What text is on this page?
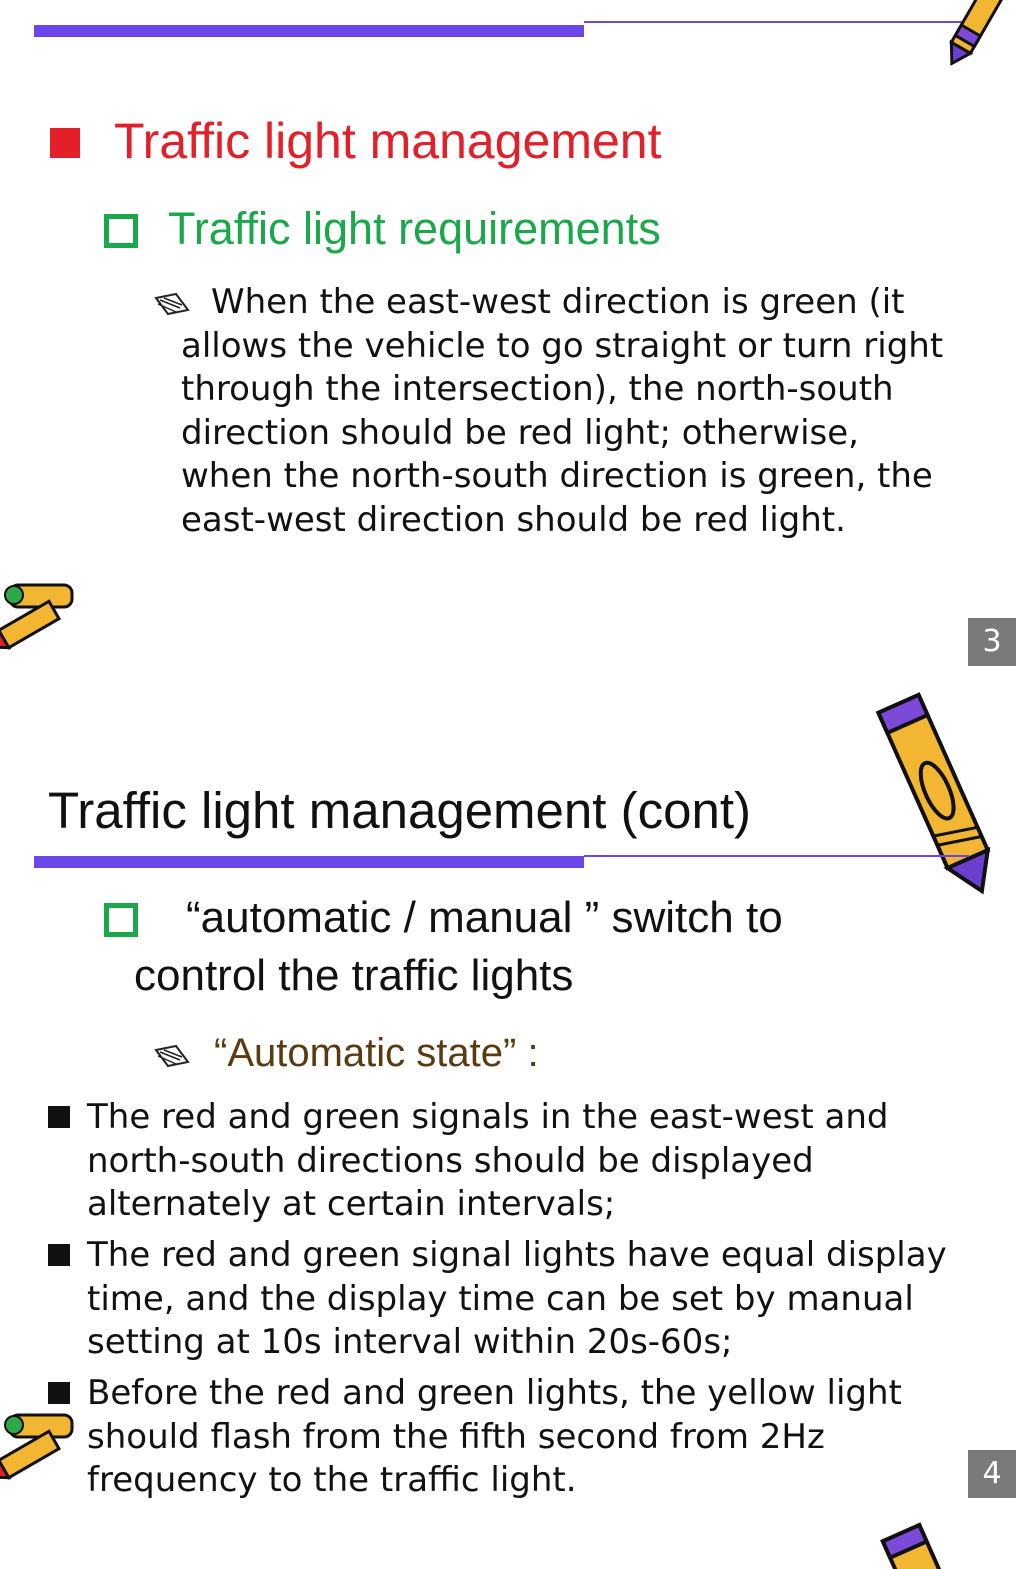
Traffic light management
Traffic light requirements
When the east-west direction is green (it
allows the vehicle to go straight or turn right
through the intersection), the north-south
direction should be red light; otherwise,
when the north-south direction is green, the
east-west direction should be red light.
3
Traffic light management (cont)
“automatic / manual ” switch to
control the traffic lights
“Automatic state” :
The red and green signals in the east-west and
north-south directions should be displayed
alternately at certain intervals;
The red and green signal lights have equal display
time, and the display time can be set by manual
setting at 10s interval within 20s-60s;
Before the red and green lights, the yellow light
should flash from the fifth second from 2Hz
frequency to the traffic light.	4
